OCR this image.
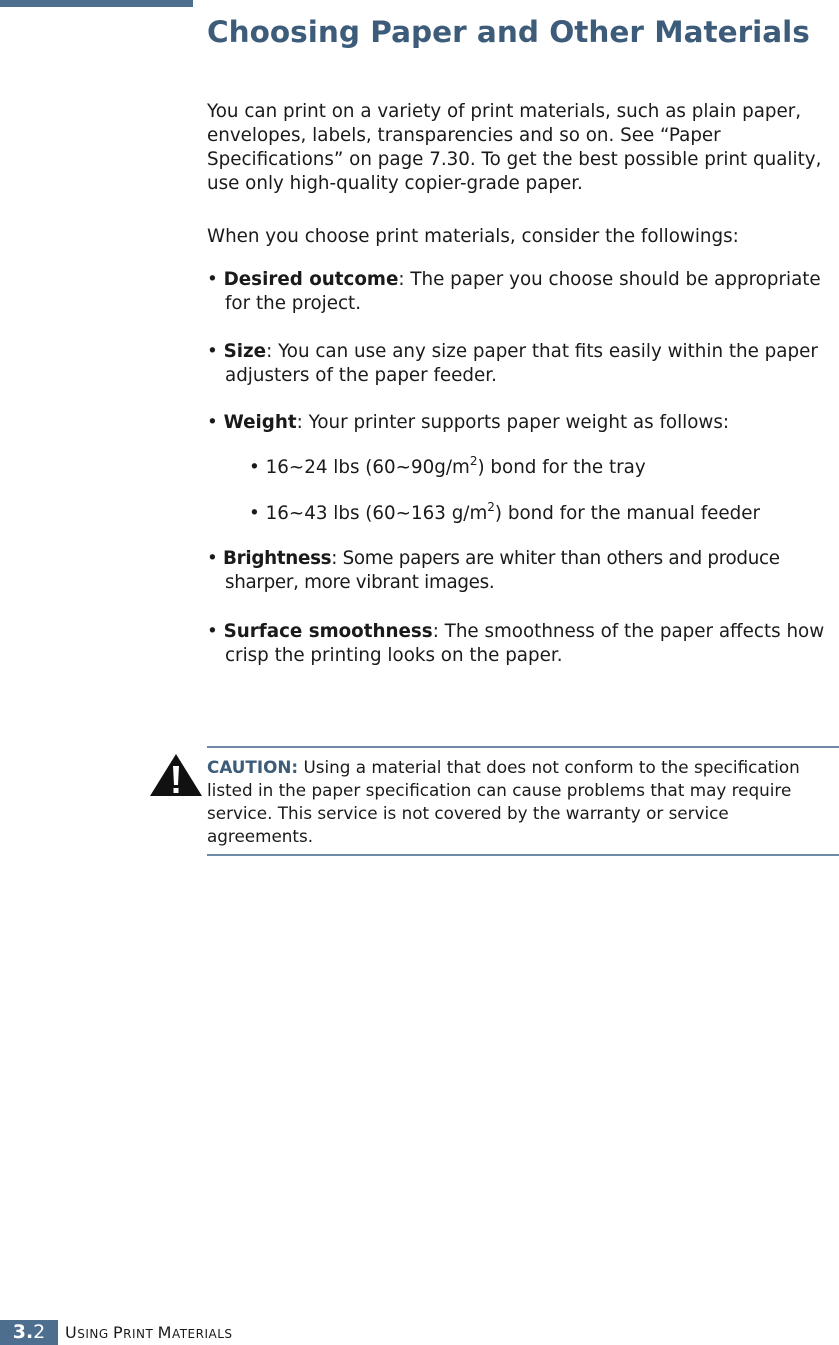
Choosing Paper and Other Materials

You can print on a variety of print materials, such as plain paper, envelopes, labels, transparencies and so on. See “Paper Specifications” on page 7.30. To get the best possible print quality, use only high-quality copier-grade paper.

When you choose print materials, consider the followings:

• Desired outcome: The paper you choose should be appropriate for the project.
• Size: You can use any size paper that fits easily within the paper adjusters of the paper feeder.
• Weight: Your printer supports paper weight as follows:
• 16~24 lbs $(60\sim 90g/m^2)$ bond for the tray
• 16~43 lbs (60~163 $g/m^2$) bond for the manual feeder
• Brightness: Some papers are whiter than others and produce sharper, more vibrant images.
• Surface smoothness: The smoothness of the paper affects how crisp the printing looks on the paper.

CAUTION: Using a material that does not conform to the specification listed in the paper specification can cause problems that may require service. This service is not covered by the warranty or service agreements.

3.2	USING PRINT MATERIALS
